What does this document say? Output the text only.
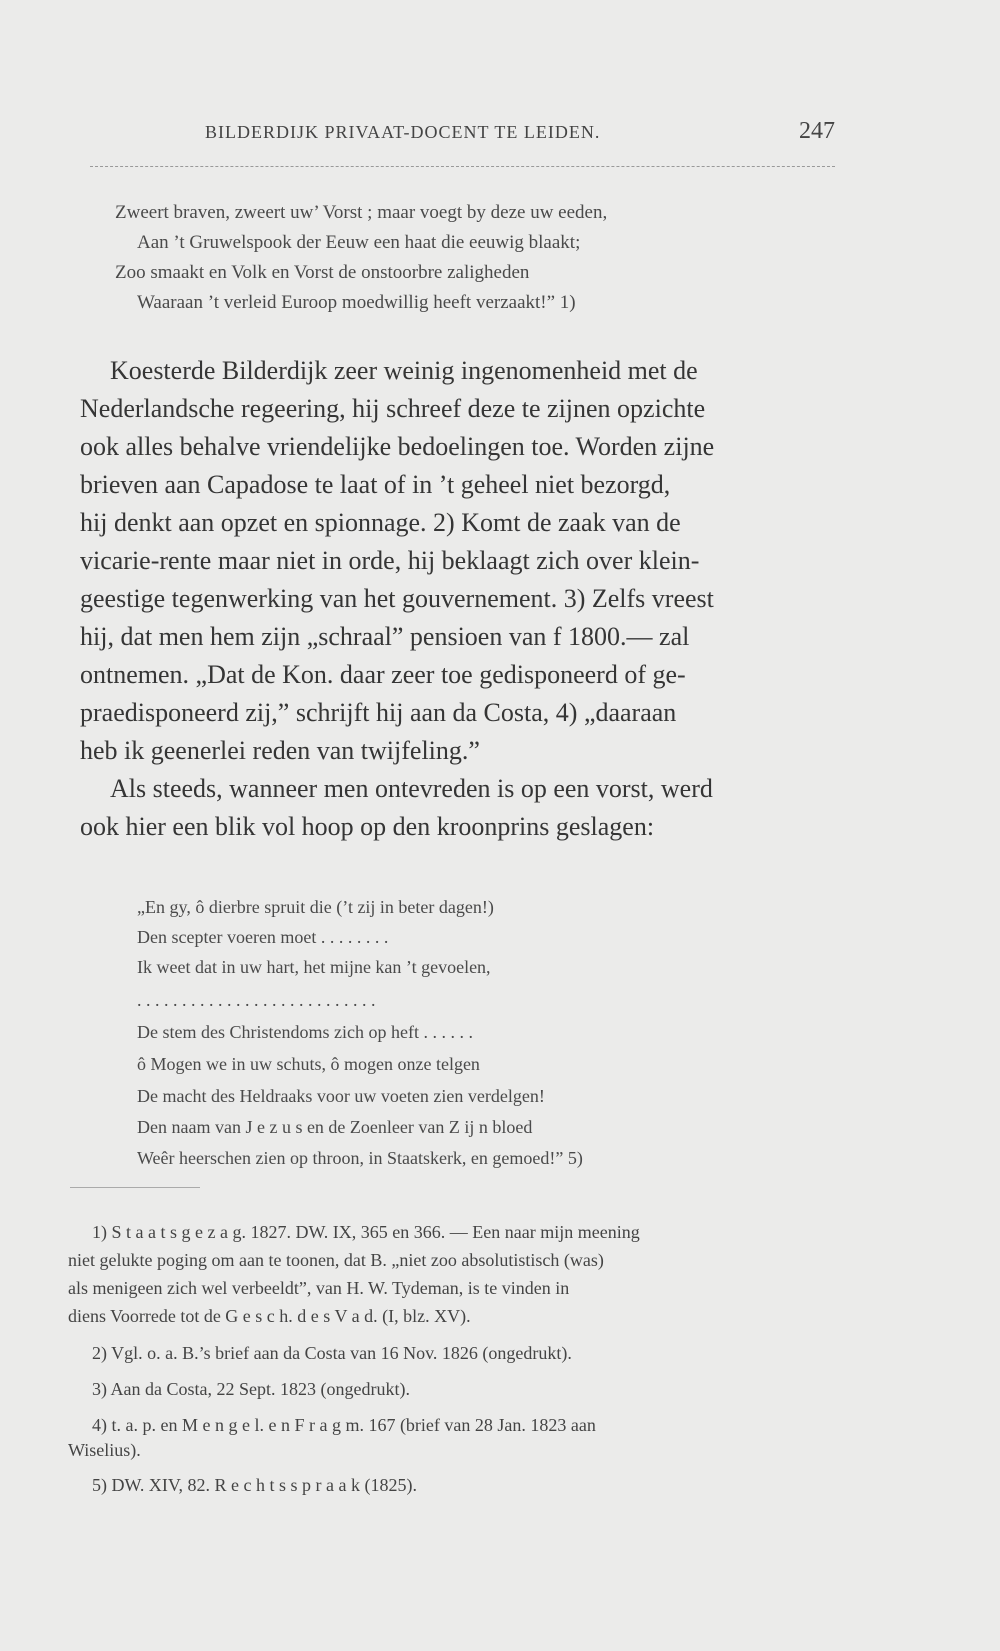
BILDERDIJK PRIVAAT-DOCENT TE LEIDEN.	247
Zweert braven, zweert uw’ Vorst ; maar voegt by deze uw eeden,
Aan ’t Gruwelspook der Eeuw een haat die eeuwig blaakt;
Zoo smaakt en Volk en Vorst de onstoorbre zaligheden
Waaraan ’t verleid Euroop moedwillig heeft verzaakt!” 1)
Koesterde Bilderdijk zeer weinig ingenomenheid met de
Nederlandsche regeering, hij schreef deze te zijnen opzichte
ook alles behalve vriendelijke bedoelingen toe. Worden zijne
brieven aan Capadose te laat of in ’t geheel niet bezorgd,
hij denkt aan opzet en spionnage. 2) Komt de zaak van de
vicarie-rente maar niet in orde, hij beklaagt zich over klein-
geestige tegenwerking van het gouvernement. 3) Zelfs vreest
hij, dat men hem zijn „schraal” pensioen van f 1800.— zal
ontnemen. „Dat de Kon. daar zeer toe gedisponeerd of ge-
praedisponeerd zij,” schrijft hij aan da Costa, 4) „daaraan
heb ik geenerlei reden van twijfeling.”
Als steeds, wanneer men ontevreden is op een vorst, werd
ook hier een blik vol hoop op den kroonprins geslagen:
„En gy, ô dierbre spruit die (’t zij in beter dagen!)
Den scepter voeren moet . . . . . . . .
Ik weet dat in uw hart, het mijne kan ’t gevoelen,
. . . . . . . . . . . . . . . . . . . . . . . . . . .
De stem des Christendoms zich op heft . . . . . .
ô Mogen we in uw schuts, ô mogen onze telgen
De macht des Heldraaks voor uw voeten zien verdelgen!
Den naam van J e z u s en de Zoenleer van Z ij n bloed
Weêr heerschen zien op throon, in Staatskerk, en gemoed!” 5)
1) S t a a t s g e z a g. 1827. DW. IX, 365 en 366. — Een naar mijn meening
niet gelukte poging om aan te toonen, dat B. „niet zoo absolutistisch (was)
als menigeen zich wel verbeeldt”, van H. W. Tydeman, is te vinden in
diens Voorrede tot de G e s c h. d e s V a d. (I, blz. XV).
2) Vgl. o. a. B.’s brief aan da Costa van 16 Nov. 1826 (ongedrukt).
3) Aan da Costa, 22 Sept. 1823 (ongedrukt).
4) t. a. p. en M e n g e l. e n F r a g m. 167 (brief van 28 Jan. 1823 aan
Wiselius).
5) DW. XIV, 82. R e c h t s s p r a a k (1825).
